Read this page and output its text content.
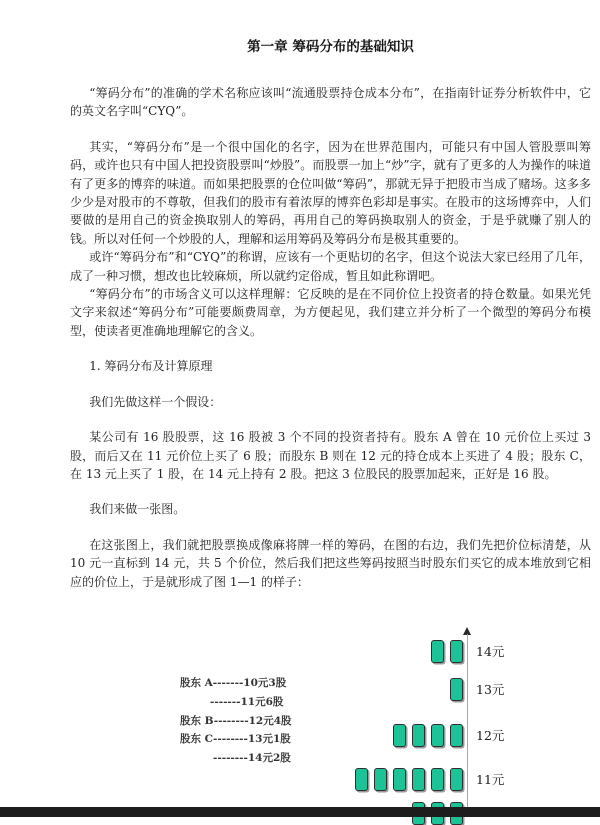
第一章 筹码分布的基础知识

“筹码分布”的准确的学术名称应该叫“流通股票持仓成本分布”，在指南针证券分析软件中，它的英文名字叫“CYQ”。

其实，“筹码分布”是一个很中国化的名字，因为在世界范围内，可能只有中国人管股票叫筹码，或许也只有中国人把投资股票叫“炒股”。而股票一加上“炒”字，就有了更多的人为操作的味道有了更多的博弈的味道。而如果把股票的仓位叫做“筹码”，那就无异于把股市当成了赌场。这多多少少是对股市的不尊敬，但我们的股市有着浓厚的博弈色彩却是事实。在股市的这场博弈中，人们要做的是用自己的资金换取别人的筹码，再用自己的筹码换取别人的资金，于是乎就赚了别人的钱。所以对任何一个炒股的人，理解和运用筹码及筹码分布是极其重要的。

或许“筹码分布”和“CYQ”的称谓，应该有一个更贴切的名字，但这个说法大家已经用了几年，成了一种习惯，想改也比较麻烦，所以就约定俗成，暂且如此称谓吧。

“筹码分布”的市场含义可以这样理解：它反映的是在不同价位上投资者的持仓数量。如果光凭文字来叙述“筹码分布”可能要颇费周章，为方便起见，我们建立并分析了一个微型的筹码分布模型，使读者更准确地理解它的含义。

1. 筹码分布及计算原理

我们先做这样一个假设：

某公司有 16 股股票，这 16 股被 3 个不同的投资者持有。股东 A 曾在 10 元价位上买过 3 股，而后又在 11 元价位上买了 6 股；而股东 B 则在 12 元的持仓成本上买进了 4 股；股东 C，在 13 元上买了 1 股，在 14 元上持有 2 股。把这 3 位股民的股票加起来，正好是 16 股。

我们来做一张图。

在这张图上，我们就把股票换成像麻将牌一样的筹码，在图的右边，我们先把价位标清楚，从 10 元一直标到 14 元，共 5 个价位，然后我们把这些筹码按照当时股东们买它的成本堆放到它相应的价位上，于是就形成了图 1—1 的样子：

14元
13元
12元
11元
股东 A-------10元3股
-------11元6股
股东 B--------12元4股
股东 C--------13元1股
--------14元2股
